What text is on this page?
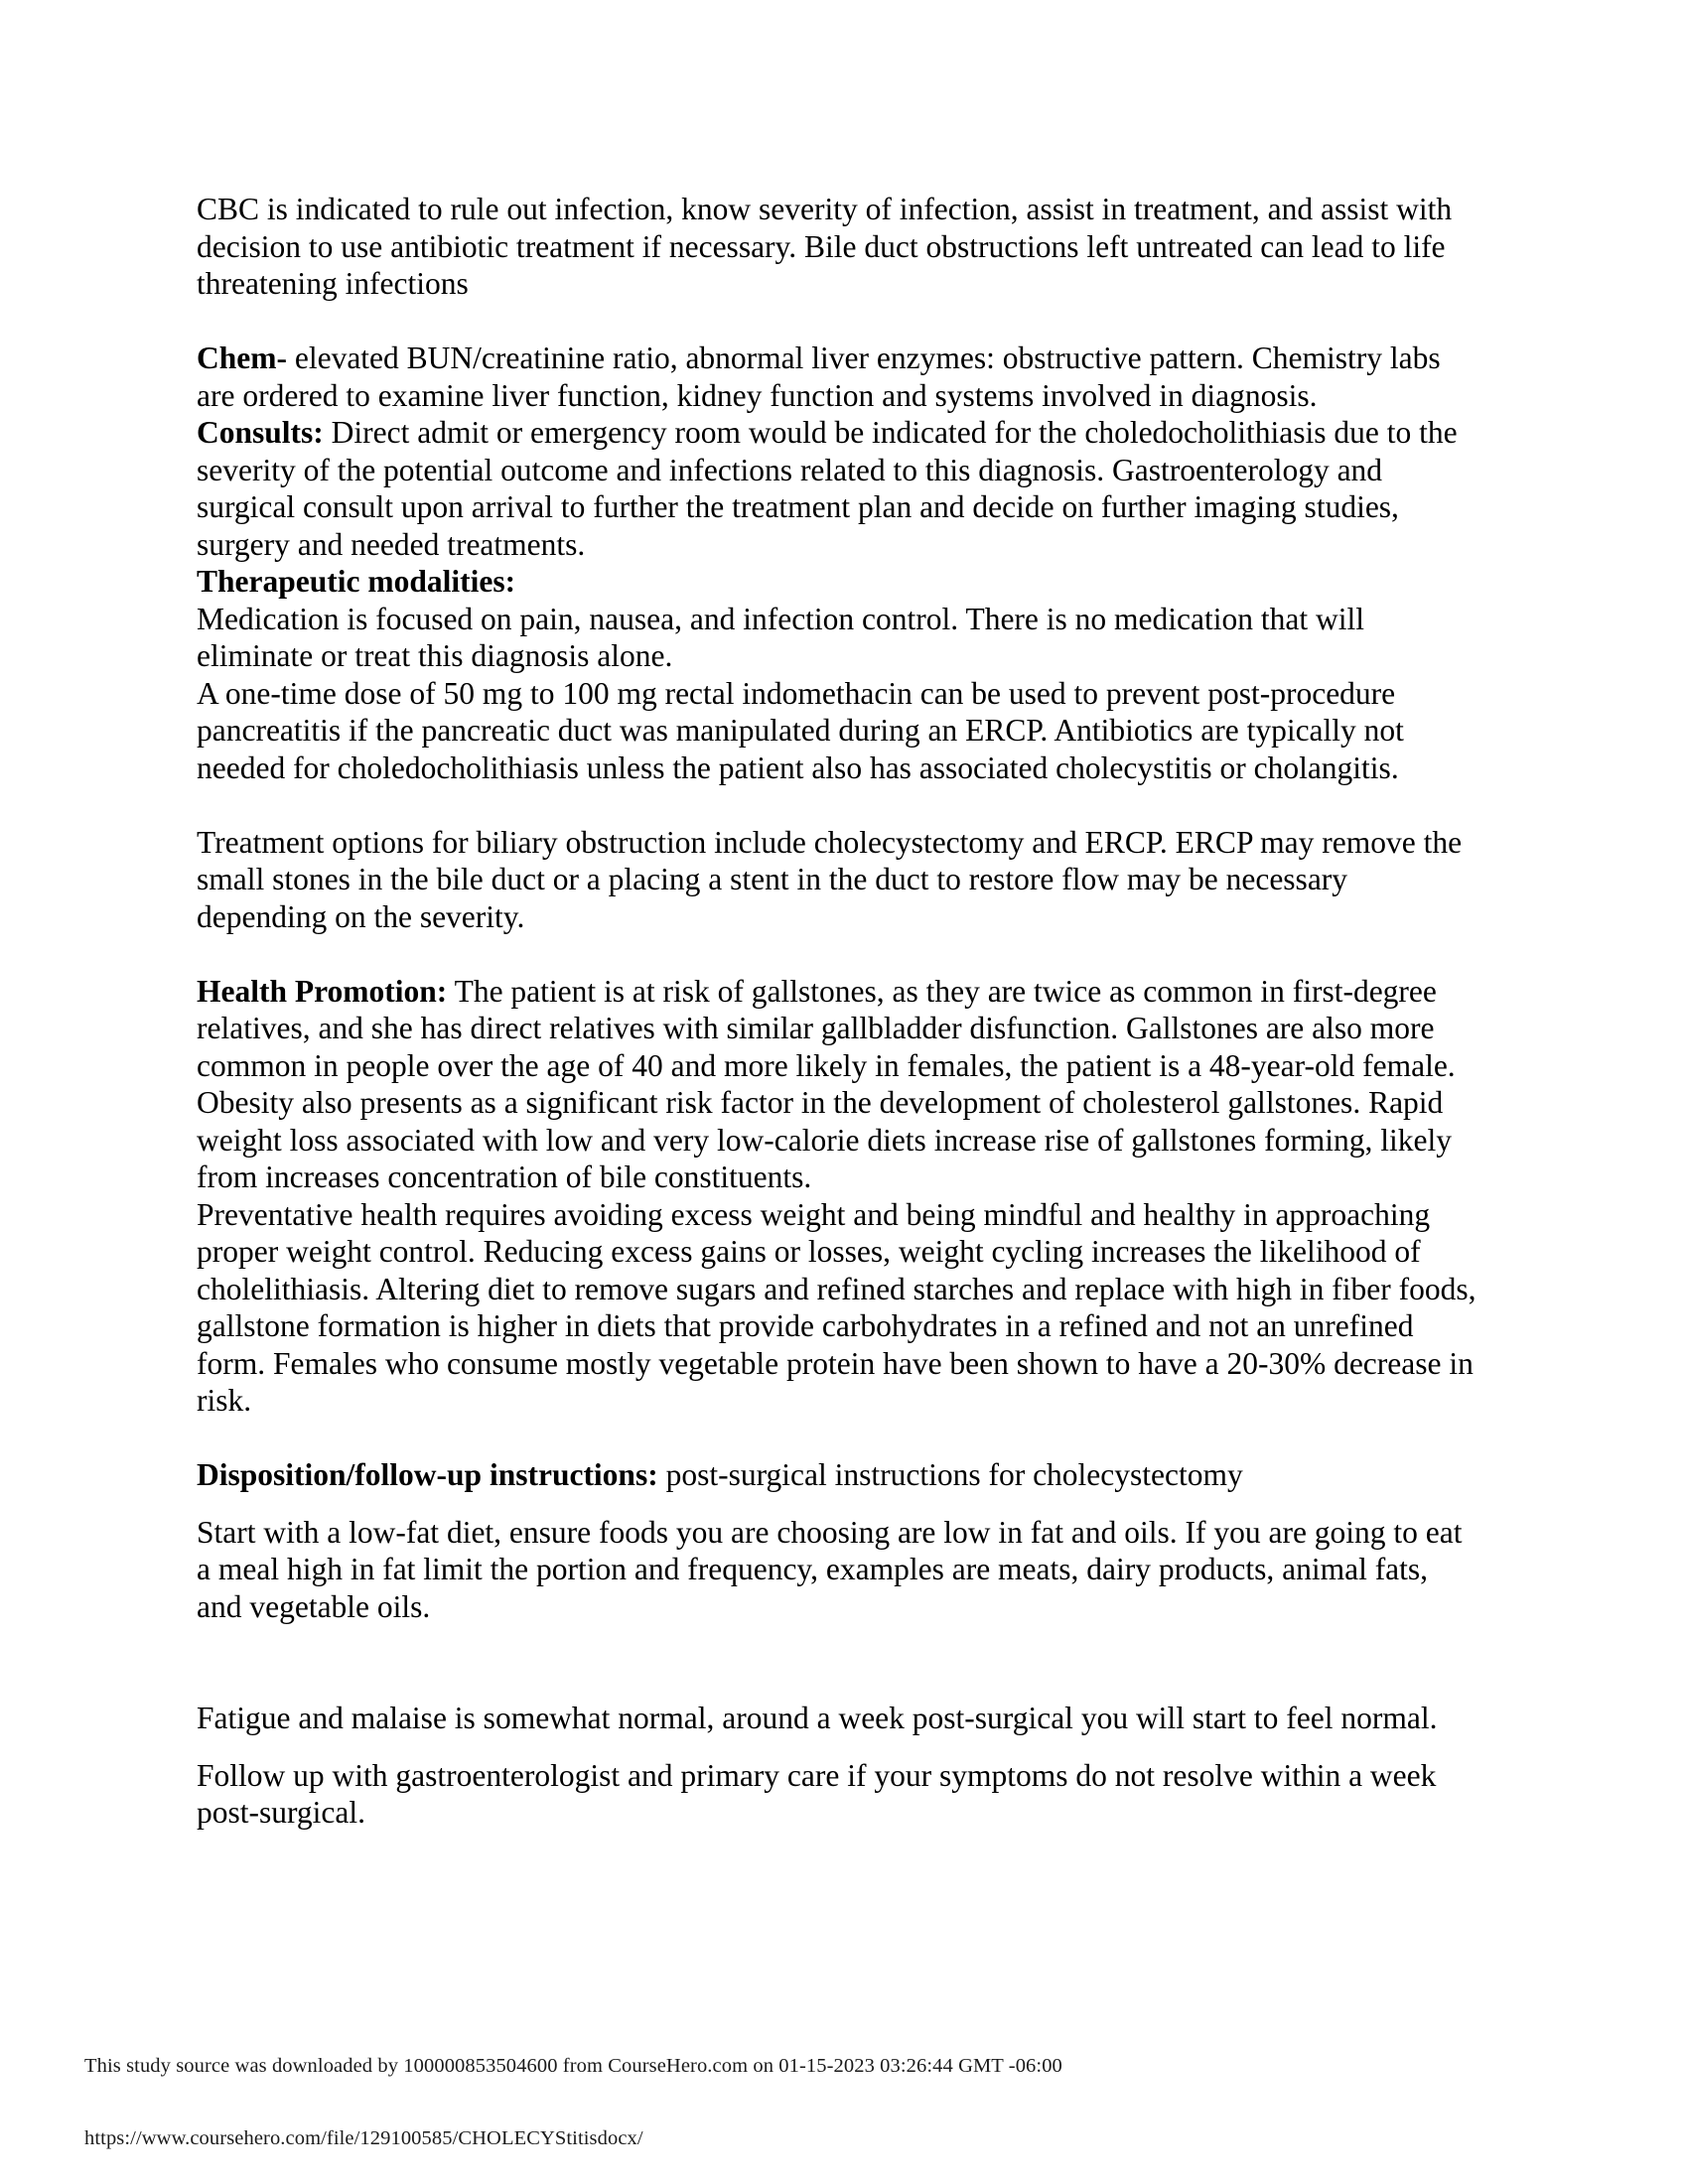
CBC is indicated to rule out infection, know severity of infection, assist in treatment, and assist with decision to use antibiotic treatment if necessary. Bile duct obstructions left untreated can lead to life threatening infections

Chem- elevated BUN/creatinine ratio, abnormal liver enzymes: obstructive pattern. Chemistry labs are ordered to examine liver function, kidney function and systems involved in diagnosis.

Consults: Direct admit or emergency room would be indicated for the choledocholithiasis due to the severity of the potential outcome and infections related to this diagnosis. Gastroenterology and surgical consult upon arrival to further the treatment plan and decide on further imaging studies, surgery and needed treatments.

Therapeutic modalities:

Medication is focused on pain, nausea, and infection control. There is no medication that will eliminate or treat this diagnosis alone.

A one-time dose of 50 mg to 100 mg rectal indomethacin can be used to prevent post-procedure pancreatitis if the pancreatic duct was manipulated during an ERCP. Antibiotics are typically not needed for choledocholithiasis unless the patient also has associated cholecystitis or cholangitis.

Treatment options for biliary obstruction include cholecystectomy and ERCP. ERCP may remove the small stones in the bile duct or a placing a stent in the duct to restore flow may be necessary depending on the severity.

Health Promotion: The patient is at risk of gallstones, as they are twice as common in first-degree relatives, and she has direct relatives with similar gallbladder disfunction. Gallstones are also more common in people over the age of 40 and more likely in females, the patient is a 48-year-old female. Obesity also presents as a significant risk factor in the development of cholesterol gallstones. Rapid weight loss associated with low and very low-calorie diets increase rise of gallstones forming, likely from increases concentration of bile constituents.

Preventative health requires avoiding excess weight and being mindful and healthy in approaching proper weight control. Reducing excess gains or losses, weight cycling increases the likelihood of cholelithiasis. Altering diet to remove sugars and refined starches and replace with high in fiber foods, gallstone formation is higher in diets that provide carbohydrates in a refined and not an unrefined form. Females who consume mostly vegetable protein have been shown to have a 20-30% decrease in risk.

Disposition/follow-up instructions: post-surgical instructions for cholecystectomy

Start with a low-fat diet, ensure foods you are choosing are low in fat and oils. If you are going to eat a meal high in fat limit the portion and frequency, examples are meats, dairy products, animal fats, and vegetable oils.

Fatigue and malaise is somewhat normal, around a week post-surgical you will start to feel normal.

Follow up with gastroenterologist and primary care if your symptoms do not resolve within a week post-surgical.

This study source was downloaded by 100000853504600 from CourseHero.com on 01-15-2023 03:26:44 GMT -06:00
https://www.coursehero.com/file/129100585/CHOLECYStitisdocx/
